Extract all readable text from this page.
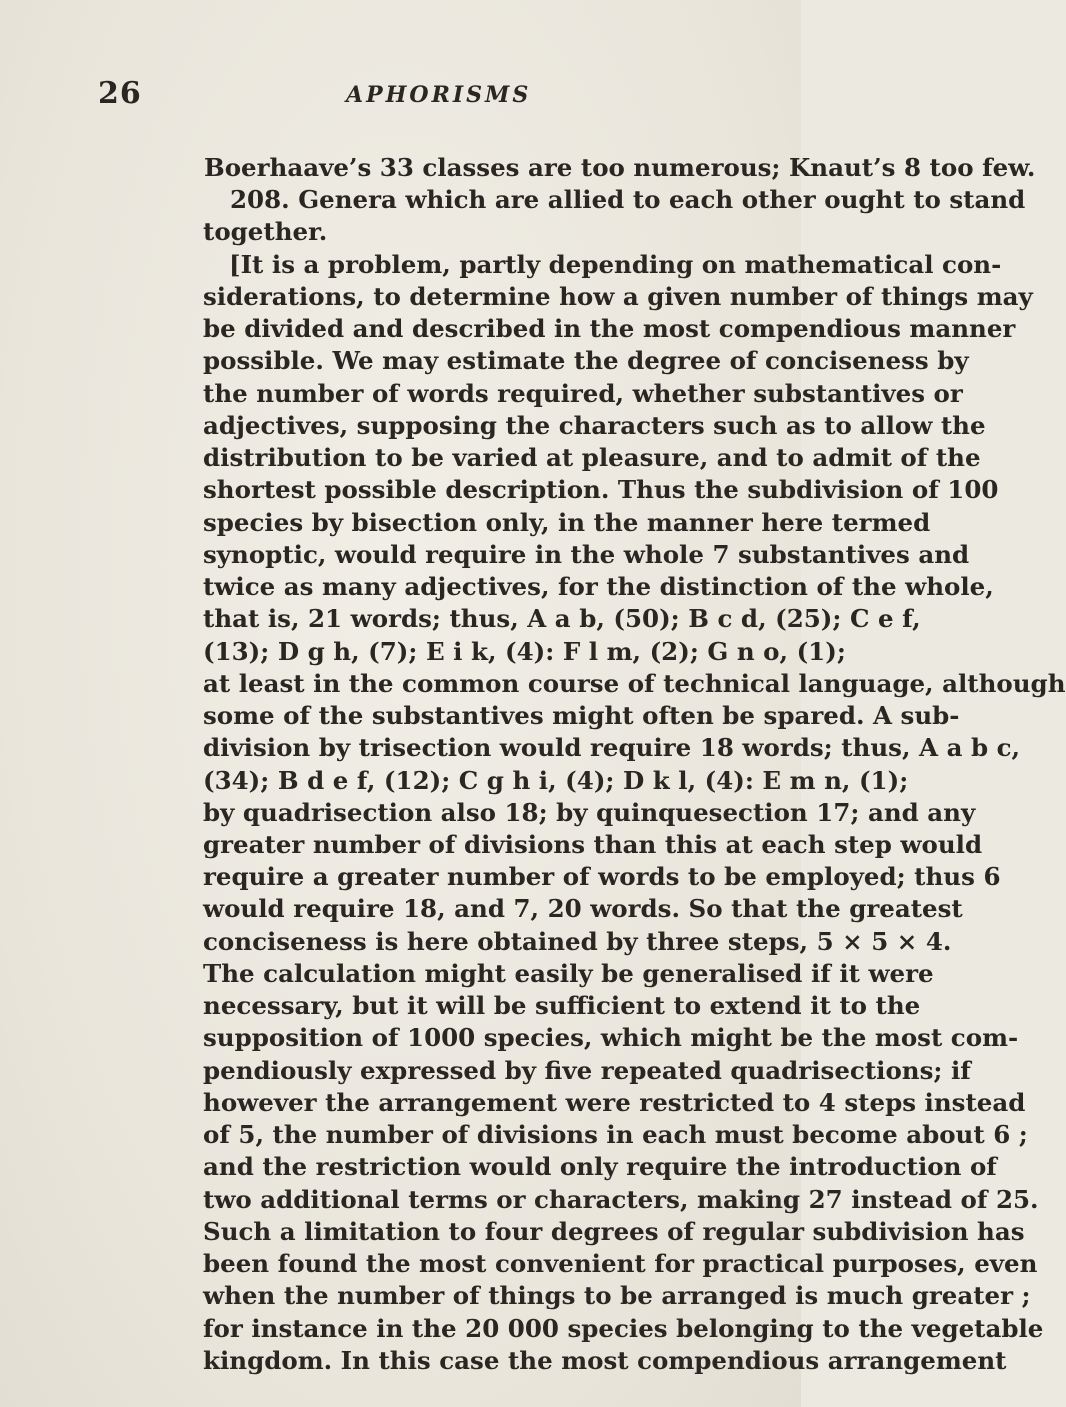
26	APHORISMS
Boerhaave’s 33 classes are too numerous; Knaut’s 8 too few.
208. Genera which are allied to each other ought to stand
together.
[It is a problem, partly depending on mathematical con-
siderations, to determine how a given number of things may
be divided and described in the most compendious manner
possible. We may estimate the degree of conciseness by
the number of words required, whether substantives or
adjectives, supposing the characters such as to allow the
distribution to be varied at pleasure, and to admit of the
shortest possible description. Thus the subdivision of 100
species by bisection only, in the manner here termed
synoptic, would require in the whole 7 substantives and
twice as many adjectives, for the distinction of the whole,
that is, 21 words; thus, A a b, (50); B c d, (25); C e f,
(13); D g h, (7); E i k, (4): F l m, (2); G n o, (1);
at least in the common course of technical language, although
some of the substantives might often be spared. A sub-
division by trisection would require 18 words; thus, A a b c,
(34); B d e f, (12); C g h i, (4); D k l, (4): E m n, (1);
by quadrisection also 18; by quinquesection 17; and any
greater number of divisions than this at each step would
require a greater number of words to be employed; thus 6
would require 18, and 7, 20 words. So that the greatest
conciseness is here obtained by three steps, 5 × 5 × 4.
The calculation might easily be generalised if it were
necessary, but it will be sufficient to extend it to the
supposition of 1000 species, which might be the most com-
pendiously expressed by five repeated quadrisections; if
however the arrangement were restricted to 4 steps instead
of 5, the number of divisions in each must become about 6 ;
and the restriction would only require the introduction of
two additional terms or characters, making 27 instead of 25.
Such a limitation to four degrees of regular subdivision has
been found the most convenient for practical purposes, even
when the number of things to be arranged is much greater ;
for instance in the 20 000 species belonging to the vegetable
kingdom. In this case the most compendious arrangement
